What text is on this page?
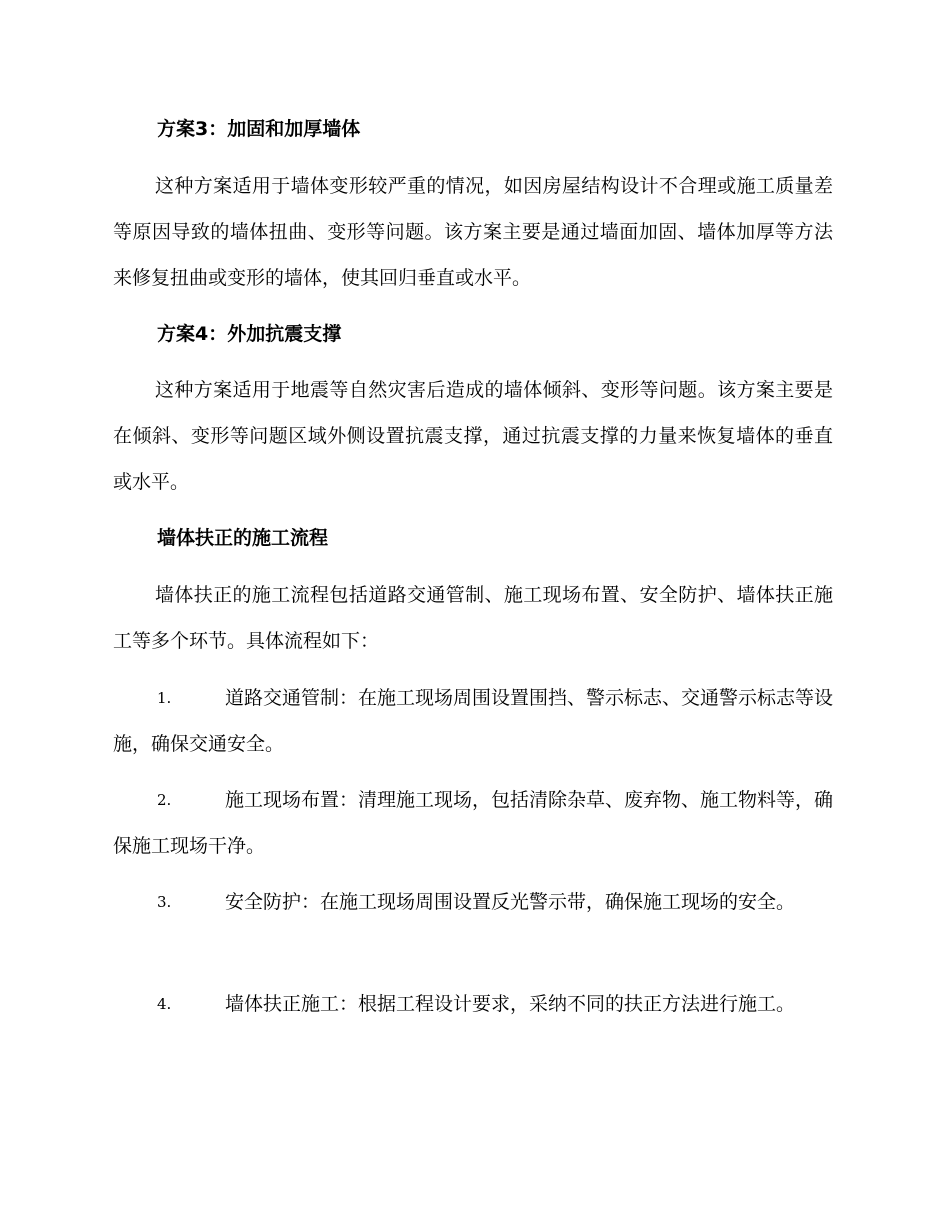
方案3：加固和加厚墙体
这种方案适用于墙体变形较严重的情况，如因房屋结构设计不合理或施工质量差等原因导致的墙体扭曲、变形等问题。该方案主要是通过墙面加固、墙体加厚等方法来修复扭曲或变形的墙体，使其回归垂直或水平。
方案4：外加抗震支撑
这种方案适用于地震等自然灾害后造成的墙体倾斜、变形等问题。该方案主要是在倾斜、变形等问题区域外侧设置抗震支撑，通过抗震支撑的力量来恢复墙体的垂直或水平。
墙体扶正的施工流程
墙体扶正的施工流程包括道路交通管制、施工现场布置、安全防护、墙体扶正施工等多个环节。具体流程如下：
1.	道路交通管制：在施工现场周围设置围挡、警示标志、交通警示标志等设施，确保交通安全。
2.	施工现场布置：清理施工现场，包括清除杂草、废弃物、施工物料等，确保施工现场干净。
3.	安全防护：在施工现场周围设置反光警示带，确保施工现场的安全。
4.	墙体扶正施工：根据工程设计要求，采纳不同的扶正方法进行施工。
